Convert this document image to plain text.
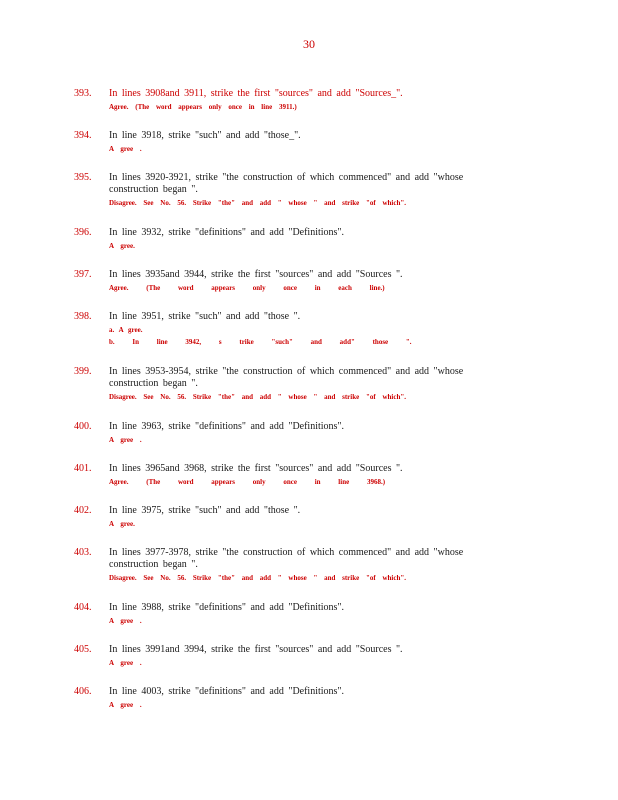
30
393. In lines 3908and 3911, strike the first "sources" and add "Sources_".
Agree. (The word appears only once in line 3911.)
394. In line 3918, strike "such" and add "those_".
A gree .
395. In lines 3920-3921, strike "the construction of which commenced" and add "whose
construction began ".
Disagree. See No. 56. Strike "the" and add " whose " and strike "of which".
396. In line 3932, strike "definitions" and add "Definitions".
A gree.
397. In lines 3935and 3944, strike the first "sources" and add "Sources ".
Agree. (The word appears only once in each line.)
398. In line 3951, strike "such" and add "those ".
a. A gree.
b. In line 3942, s trike "such" and add" those ".
399. In lines 3953-3954, strike "the construction of which commenced" and add "whose
construction began ".
Disagree. See No. 56. Strike "the" and add " whose " and strike "of which".
400. In line 3963, strike "definitions" and add "Definitions".
A gree .
401. In lines 3965and 3968, strike the first "sources" and add "Sources ".
Agree. (The word appears only once in line 3968.)
402. In line 3975, strike "such" and add "those ".
A gree.
403. In lines 3977-3978, strike "the construction of which commenced" and add "whose
construction began ".
Disagree. See No. 56. Strike "the" and add " whose " and strike "of which".
404. In line 3988, strike "definitions" and add "Definitions".
A gree .
405. In lines 3991and 3994, strike the first "sources" and add "Sources ".
A gree .
406. In line 4003, strike "definitions" and add "Definitions".
A gree .
